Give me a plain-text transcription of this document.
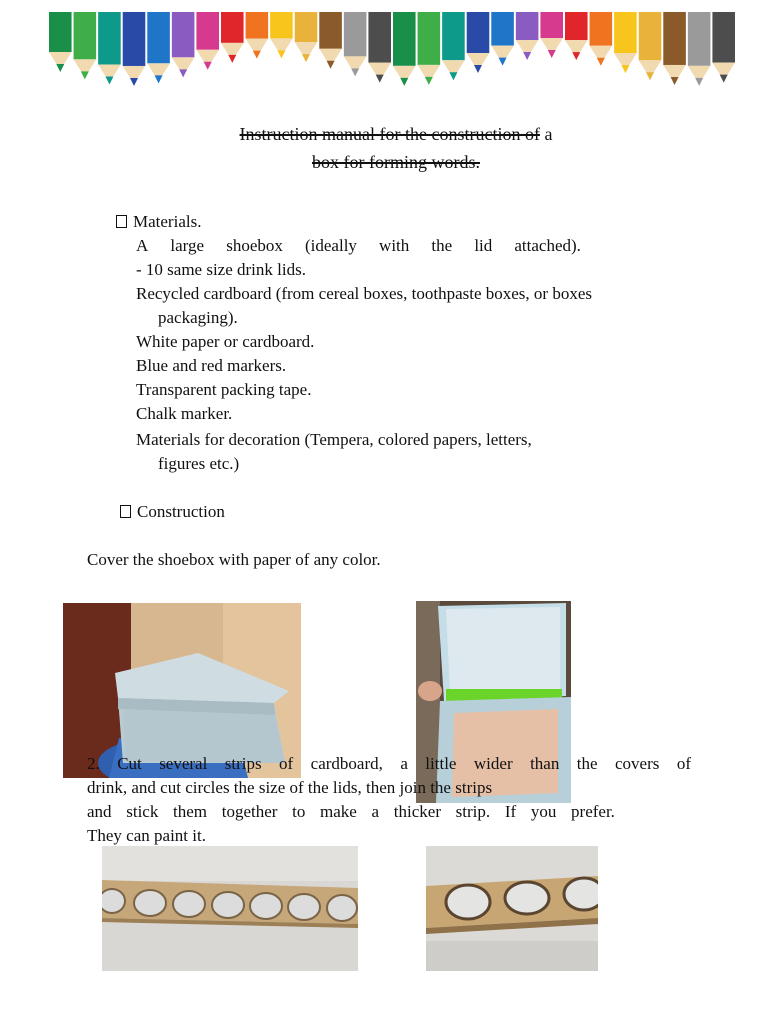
Instruction manual for the construction of a
box for forming words.
Materials.
A large shoebox (ideally with the lid attached).
- 10 same size drink lids.
Recycled cardboard (from cereal boxes, toothpaste boxes, or boxes
packaging).
White paper or cardboard.
Blue and red markers.
Transparent packing tape.
Chalk marker.
Materials for decoration (Tempera, colored papers, letters,
figures etc.)
Construction
Cover the shoebox with paper of any color.
2. Cut several strips of cardboard, a little wider than the covers of
drink, and cut circles the size of the lids, then join the strips
and stick them together to make a thicker strip. If you prefer.
They can paint it.
